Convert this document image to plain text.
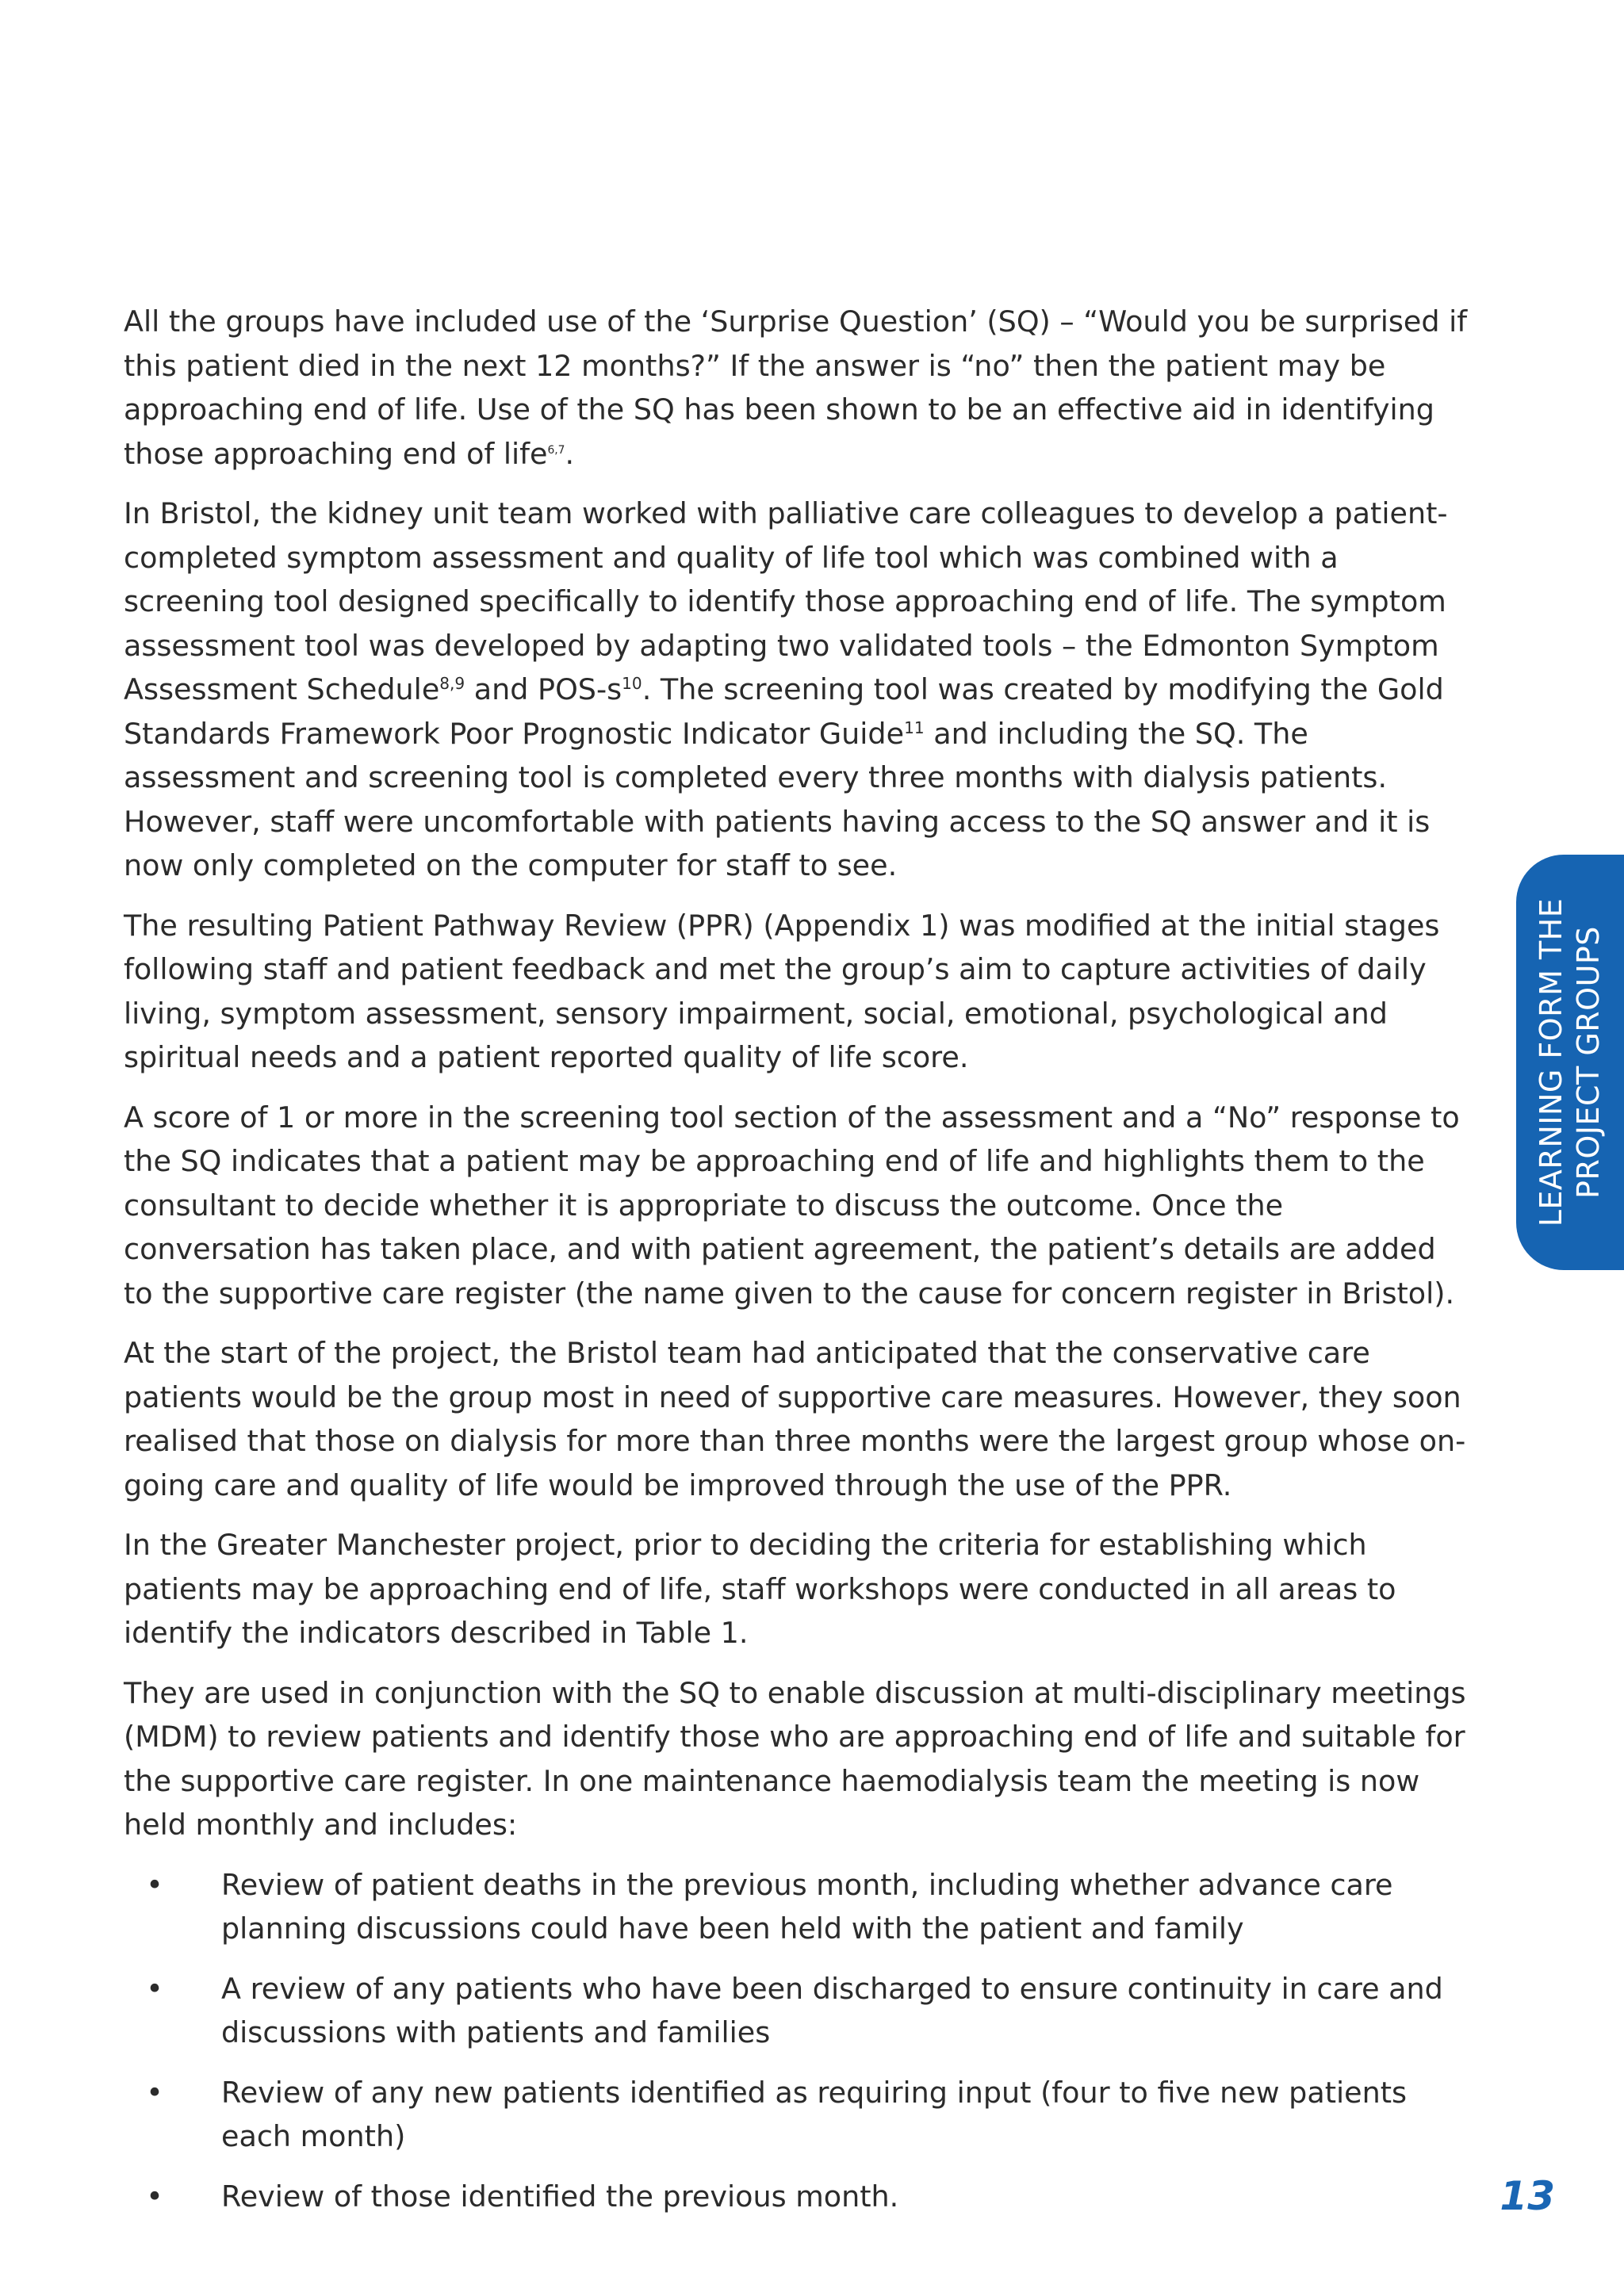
All the groups have included use of the ‘Surprise Question’ (SQ) – “Would you be surprised if this patient died in the next 12 months?” If the answer is “no” then the patient may be approaching end of life. Use of the SQ has been shown to be an effective aid in identifying those approaching end of life$^{6,7}$.

In Bristol, the kidney unit team worked with palliative care colleagues to develop a patient-completed symptom assessment and quality of life tool which was combined with a screening tool designed specifically to identify those approaching end of life. The symptom assessment tool was developed by adapting two validated tools – the Edmonton Symptom Assessment Schedule$^{8,9}$ and POS-$s^{10}$. The screening tool was created by modifying the Gold Standards Framework Poor Prognostic Indicator Guide$^{11}$ and including the SQ. The assessment and screening tool is completed every three months with dialysis patients. However, staff were uncomfortable with patients having access to the SQ answer and it is now only completed on the computer for staff to see.

The resulting Patient Pathway Review (PPR) (Appendix 1) was modified at the initial stages following staff and patient feedback and met the group’s aim to capture activities of daily living, symptom assessment, sensory impairment, social, emotional, psychological and spiritual needs and a patient reported quality of life score.

A score of 1 or more in the screening tool section of the assessment and a “No” response to the SQ indicates that a patient may be approaching end of life and highlights them to the consultant to decide whether it is appropriate to discuss the outcome. Once the conversation has taken place, and with patient agreement, the patient’s details are added to the supportive care register (the name given to the cause for concern register in Bristol).

At the start of the project, the Bristol team had anticipated that the conservative care patients would be the group most in need of supportive care measures. However, they soon realised that those on dialysis for more than three months were the largest group whose on-going care and quality of life would be improved through the use of the PPR.

In the Greater Manchester project, prior to deciding the criteria for establishing which patients may be approaching end of life, staff workshops were conducted in all areas to identify the indicators described in Table 1.

They are used in conjunction with the SQ to enable discussion at multi-disciplinary meetings (MDM) to review patients and identify those who are approaching end of life and suitable for the supportive care register. In one maintenance haemodialysis team the meeting is now held monthly and includes:

• Review of patient deaths in the previous month, including whether advance care planning discussions could have been held with the patient and family
• A review of any patients who have been discharged to ensure continuity in care and discussions with patients and families
• Review of any new patients identified as requiring input (four to five new patients each month)
• Review of those identified the previous month.
LEARNING FORM THE PROJECT GROUPS
13
